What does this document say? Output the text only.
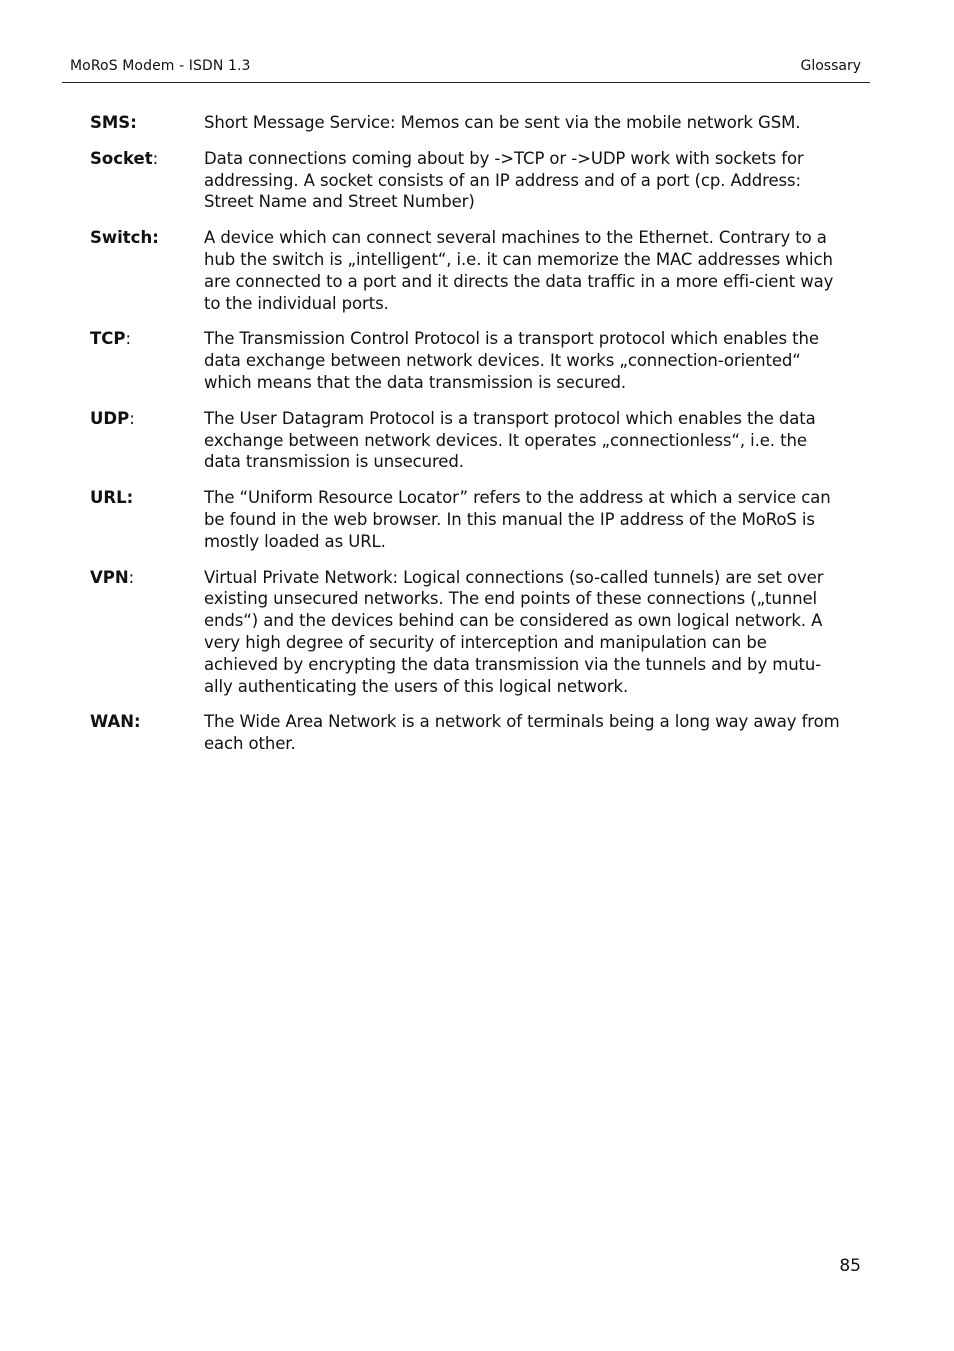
MoRoS Modem - ISDN 1.3	Glossary
SMS:	Short Message Service: Memos can be sent via the mobile network GSM.
Socket:	Data connections coming about by ->TCP or ->UDP work with sockets for addressing. A socket consists of an IP address and of a port (cp. Address: Street Name and Street Number)
Switch:	A device which can connect several machines to the Ethernet. Contrary to a hub the switch is „intelligent“, i.e. it can memorize the MAC addresses which are connected to a port and it directs the data traffic in a more effi-cient way to the individual ports.
TCP:	The Transmission Control Protocol is a transport protocol which enables the data exchange between network devices. It works „connection-oriented“ which means that the data transmission is secured.
UDP:	The User Datagram Protocol is a transport protocol which enables the data exchange between network devices. It operates „connectionless“, i.e. the data transmission is unsecured.
URL:	The “Uniform Resource Locator” refers to the address at which a service can be found in the web browser. In this manual the IP address of the MoRoS is mostly loaded as URL.
VPN:	Virtual Private Network: Logical connections (so-called tunnels) are set over existing unsecured networks. The end points of these connections („tunnel ends“) and the devices behind can be considered as own logical network. A very high degree of security of interception and manipulation can be achieved by encrypting the data transmission via the tunnels and by mutu-ally authenticating the users of this logical network.
WAN:	The Wide Area Network is a network of terminals being a long way away from each other.
85
